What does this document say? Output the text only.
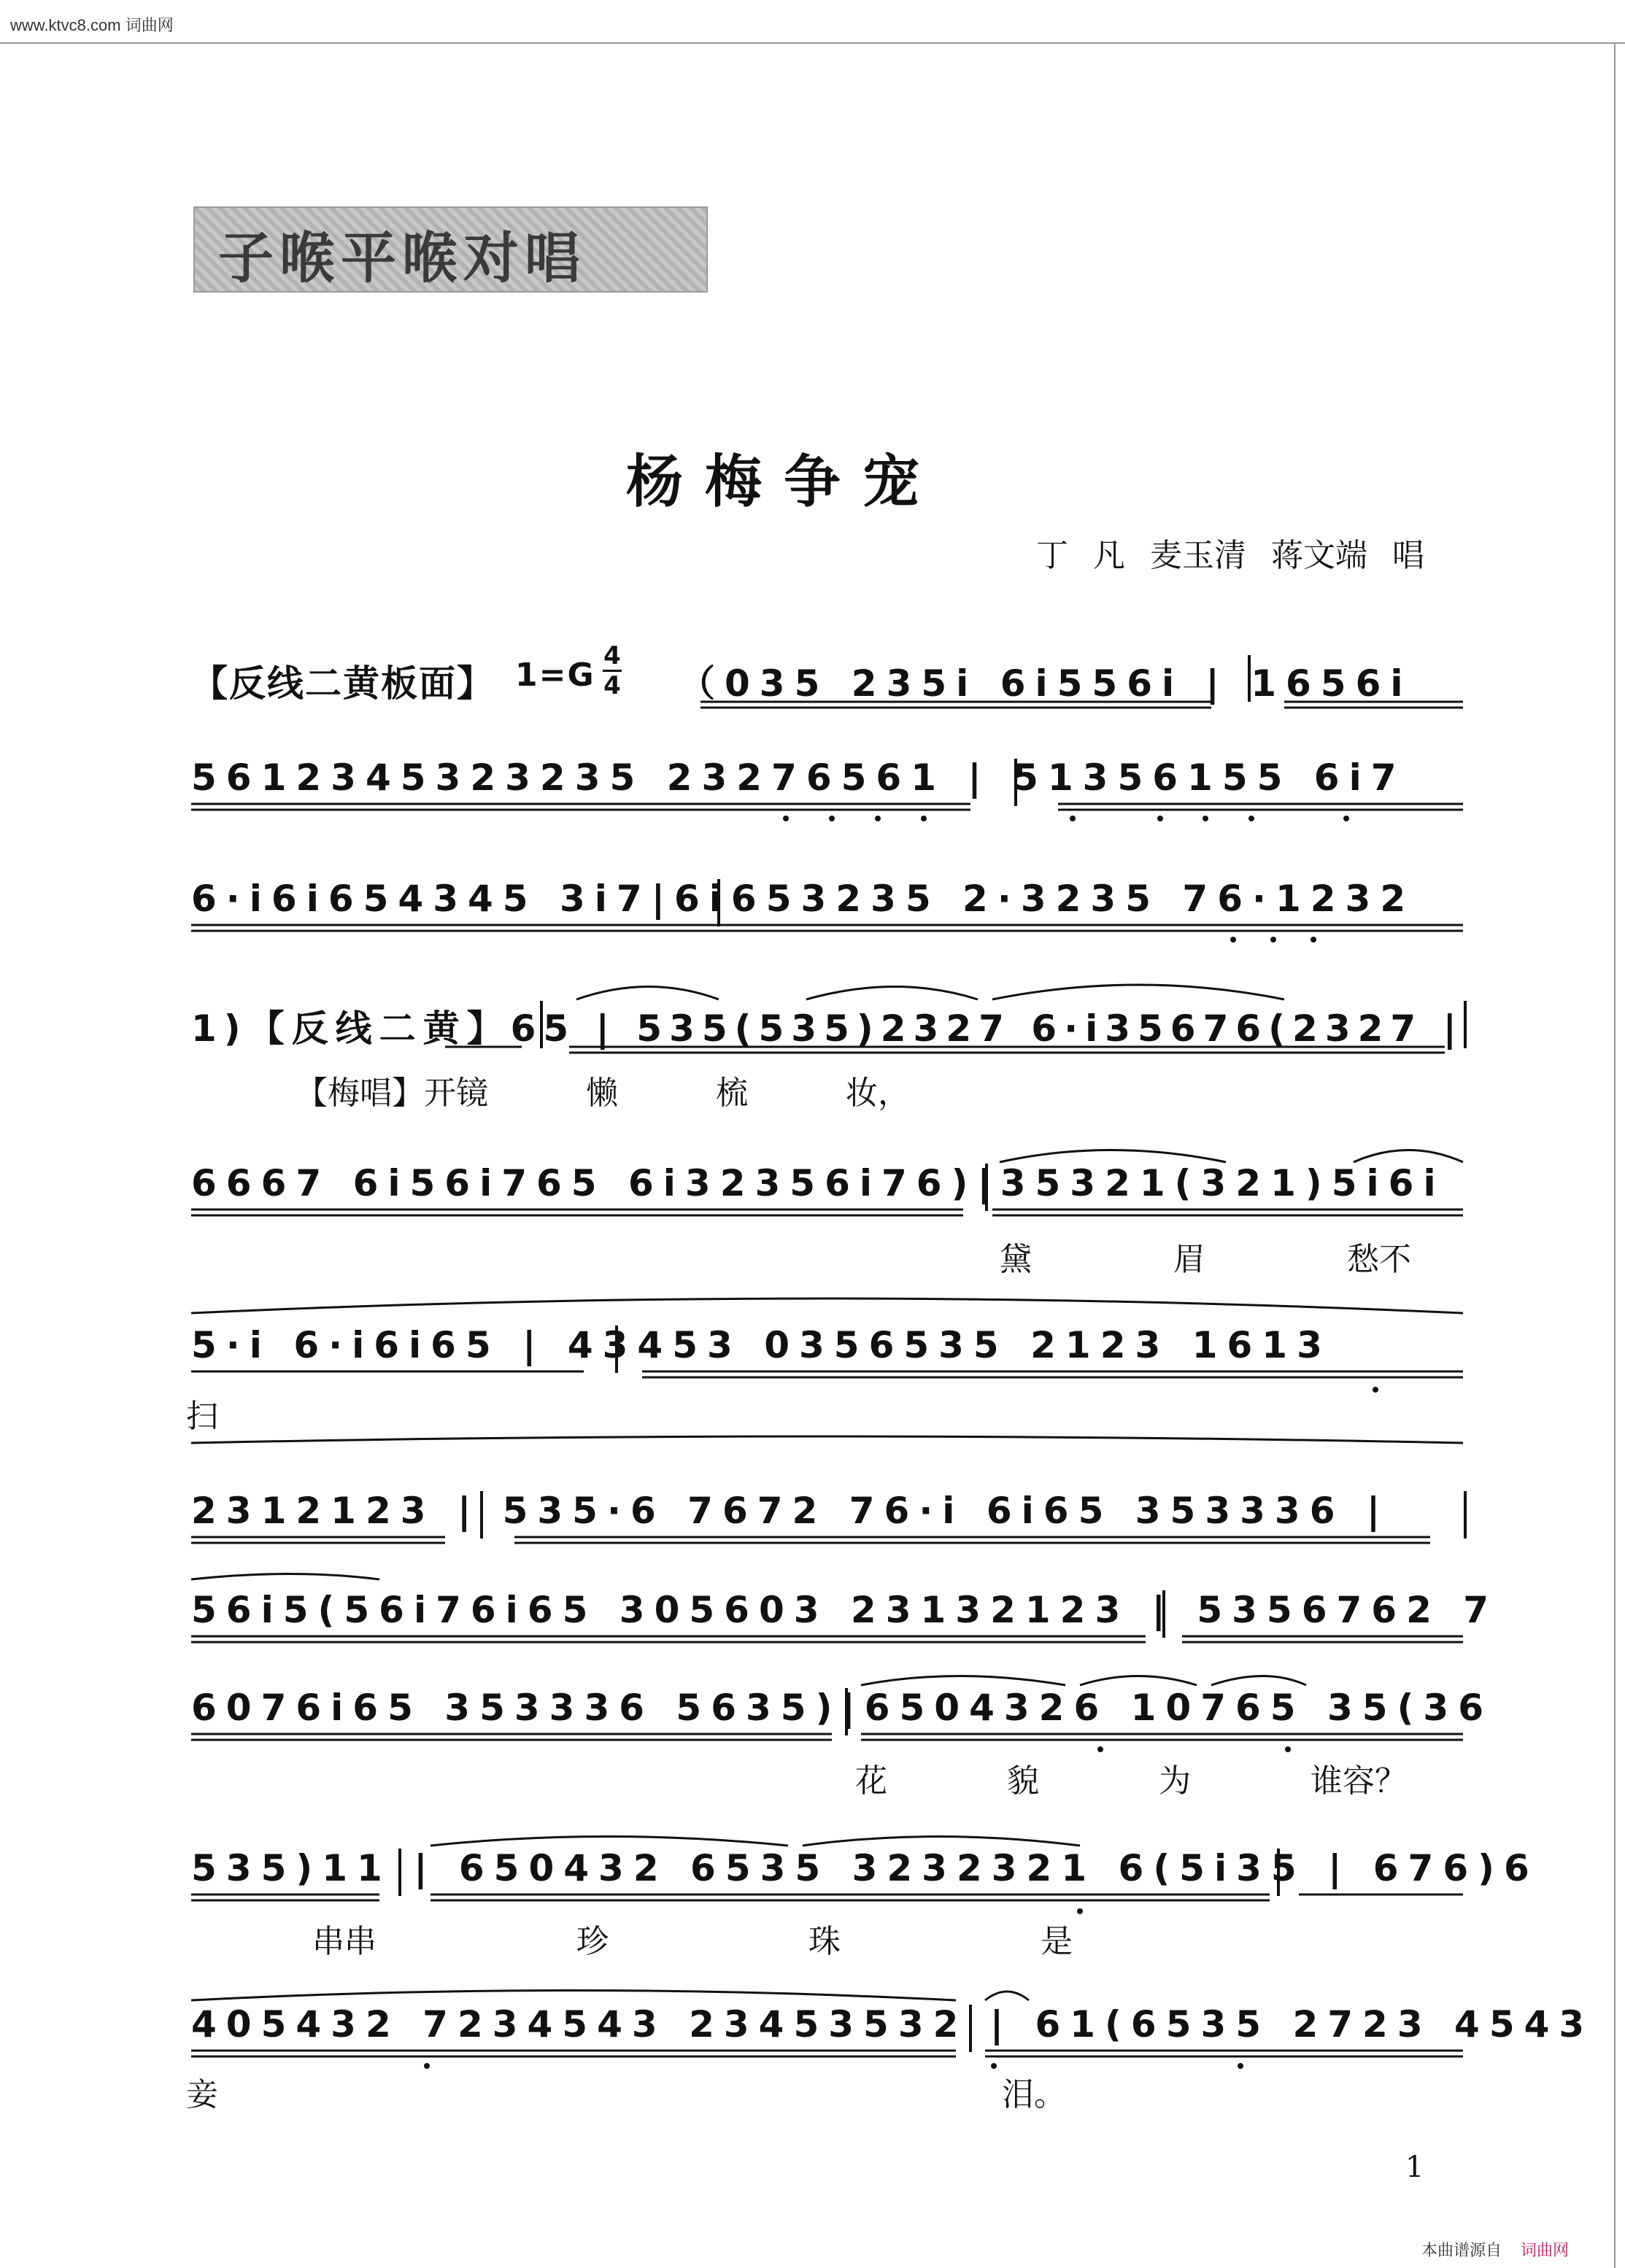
www.ktvc8.com 词曲网
子喉平喉对唱
杨梅争宠
丁 凡 麦玉清 蒋文端 唱
【反线二黄板面】 1=G
4
4 （035 235i 6i556i | 1656i
5612345323235 23276561 | 51356155 6i7
6·i6i654345 3i7|6i653235 2·3235 76·1232
1)【反线二黄】65 | 535(535)2327 6·i35676(2327 |
【梅唱】开镜 懒 梳 妆，
6667 6i56i765 6i32356i76)|35321(321)5i6i
黛 眉 愁不
5·i 6·i6i65 | 43453 0356535 2123 1613
扫
2312123 | 535·6 7672 76·i 6i65 353336 |
56i5(56i76i65 305603 23132123 | 5356762 7
6076i65 353336 5635)|6504326 10765 35(36
花 貌 为 谁容？
535)11 | 650432 6535 3232321 6(5i35 | 676)6
串串 珍 珠 是
405432 7234543 23453532 | 61(6535 2723 4543
妾 泪。
1
本曲谱源自 词曲网
